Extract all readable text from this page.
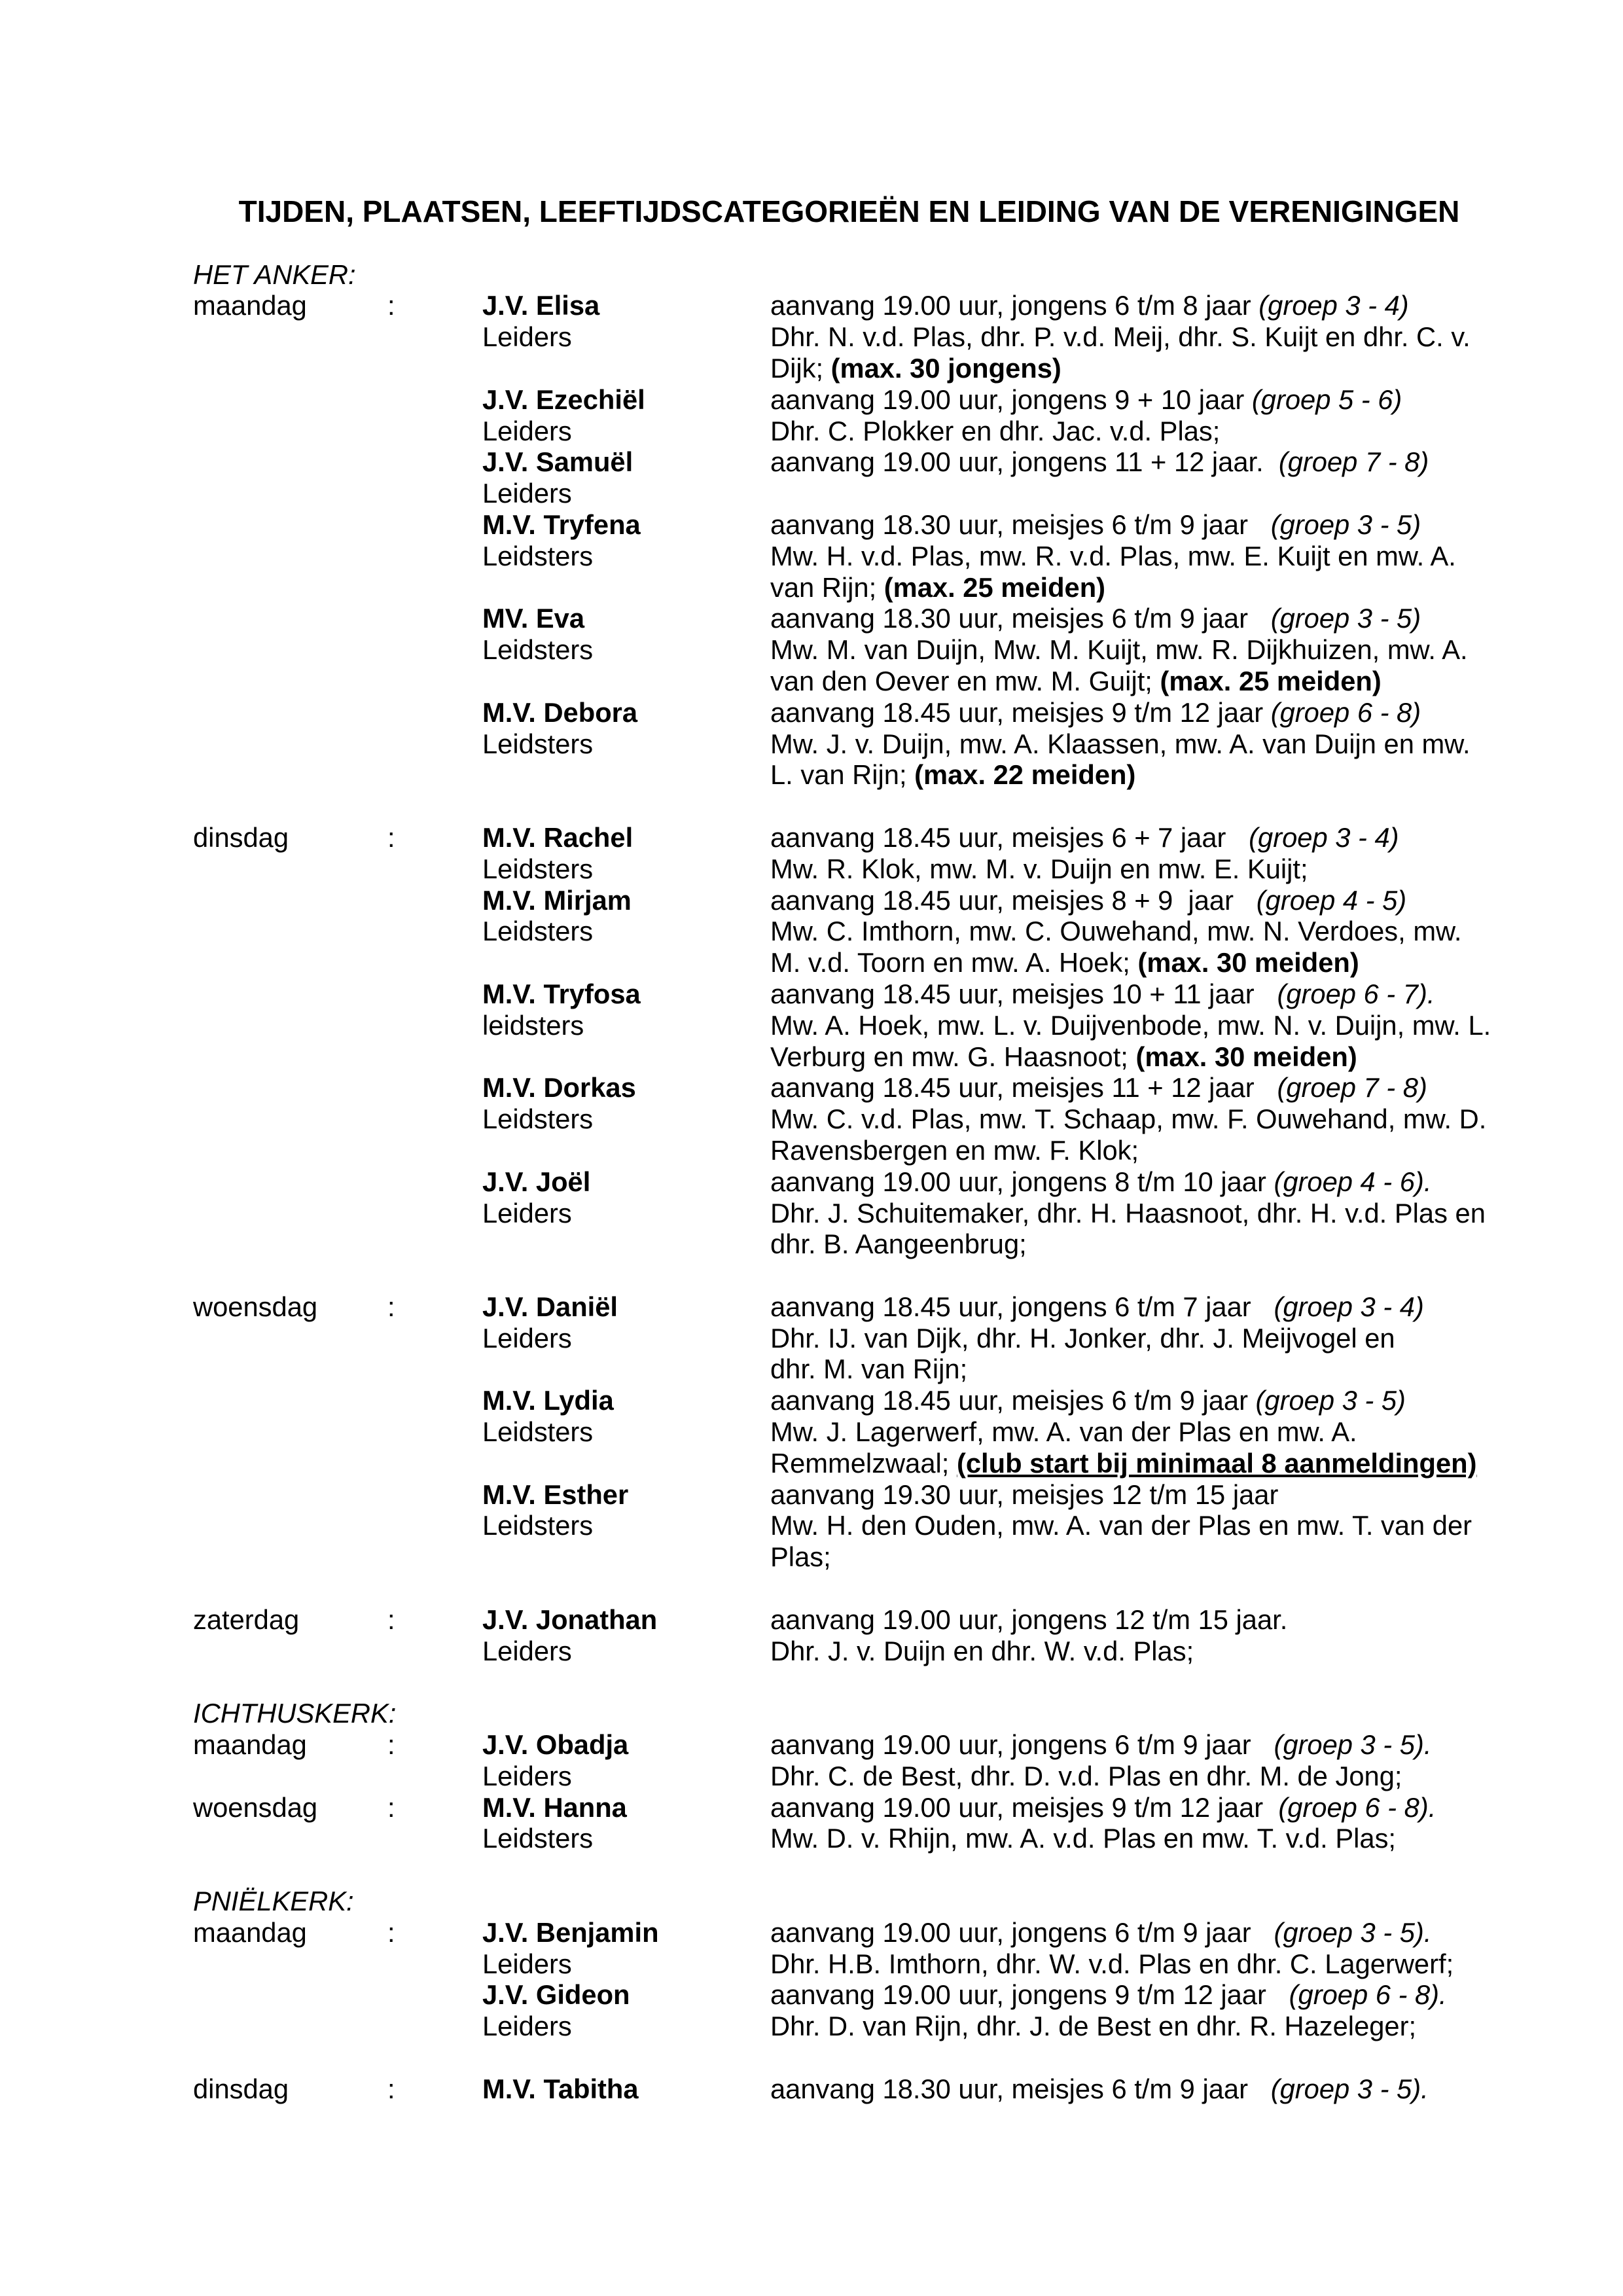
TIJDEN, PLAATSEN, LEEFTIJDSCATEGORIEËN EN LEIDING VAN DE VERENIGINGEN
HET ANKER:
maandag	:	J.V. Elisa	aanvang 19.00 uur, jongens 6 t/m 8 jaar (groep 3 - 4)
Leiders	Dhr. N. v.d. Plas, dhr. P. v.d. Meij, dhr. S. Kuijt en dhr. C. v.
Dijk; (max. 30 jongens)
J.V. Ezechiël	aanvang 19.00 uur, jongens 9 + 10 jaar (groep 5 - 6)
Leiders	Dhr. C. Plokker en dhr. Jac. v.d. Plas;
J.V. Samuël	aanvang 19.00 uur, jongens 11 + 12 jaar.  (groep 7 - 8)
Leiders
M.V. Tryfena	aanvang 18.30 uur, meisjes 6 t/m 9 jaar   (groep 3 - 5)
Leidsters	Mw. H. v.d. Plas, mw. R. v.d. Plas, mw. E. Kuijt en mw. A.
van Rijn; (max. 25 meiden)
MV. Eva	aanvang 18.30 uur, meisjes 6 t/m 9 jaar   (groep 3 - 5)
Leidsters	Mw. M. van Duijn, Mw. M. Kuijt, mw. R. Dijkhuizen, mw. A.
van den Oever en mw. M. Guijt; (max. 25 meiden)
M.V. Debora	aanvang 18.45 uur, meisjes 9 t/m 12 jaar (groep 6 - 8)
Leidsters	Mw. J. v. Duijn, mw. A. Klaassen, mw. A. van Duijn en mw.
L. van Rijn; (max. 22 meiden)
dinsdag	:	M.V. Rachel	aanvang 18.45 uur, meisjes 6 + 7 jaar   (groep 3 - 4)
Leidsters	Mw. R. Klok, mw. M. v. Duijn en mw. E. Kuijt;
M.V. Mirjam	aanvang 18.45 uur, meisjes 8 + 9  jaar   (groep 4 - 5)
Leidsters	Mw. C. Imthorn, mw. C. Ouwehand, mw. N. Verdoes, mw.
M. v.d. Toorn en mw. A. Hoek; (max. 30 meiden)
M.V. Tryfosa	aanvang 18.45 uur, meisjes 10 + 11 jaar   (groep 6 - 7).
leidsters	Mw. A. Hoek, mw. L. v. Duijvenbode, mw. N. v. Duijn, mw. L.
Verburg en mw. G. Haasnoot; (max. 30 meiden)
M.V. Dorkas	aanvang 18.45 uur, meisjes 11 + 12 jaar   (groep 7 - 8)
Leidsters	Mw. C. v.d. Plas, mw. T. Schaap, mw. F. Ouwehand, mw. D.
Ravensbergen en mw. F. Klok;
J.V. Joël	aanvang 19.00 uur, jongens 8 t/m 10 jaar (groep 4 - 6).
Leiders	Dhr. J. Schuitemaker, dhr. H. Haasnoot, dhr. H. v.d. Plas en
dhr. B. Aangeenbrug;
woensdag	:	J.V. Daniël	aanvang 18.45 uur, jongens 6 t/m 7 jaar   (groep 3 - 4)
Leiders	Dhr. IJ. van Dijk, dhr. H. Jonker, dhr. J. Meijvogel en
dhr. M. van Rijn;
M.V. Lydia	aanvang 18.45 uur, meisjes 6 t/m 9 jaar (groep 3 - 5)
Leidsters	Mw. J. Lagerwerf, mw. A. van der Plas en mw. A.
Remmelzwaal; (club start bij minimaal 8 aanmeldingen)
M.V. Esther	aanvang 19.30 uur, meisjes 12 t/m 15 jaar
Leidsters	Mw. H. den Ouden, mw. A. van der Plas en mw. T. van der
Plas;
zaterdag	:	J.V. Jonathan	aanvang 19.00 uur, jongens 12 t/m 15 jaar.
Leiders	Dhr. J. v. Duijn en dhr. W. v.d. Plas;
ICHTHUSKERK:
maandag	:	J.V. Obadja	aanvang 19.00 uur, jongens 6 t/m 9 jaar   (groep 3 - 5).
Leiders	Dhr. C. de Best, dhr. D. v.d. Plas en dhr. M. de Jong;
woensdag	:	M.V. Hanna	aanvang 19.00 uur, meisjes 9 t/m 12 jaar  (groep 6 - 8).
Leidsters	Mw. D. v. Rhijn, mw. A. v.d. Plas en mw. T. v.d. Plas;
PNIËLKERK:
maandag	:	J.V. Benjamin	aanvang 19.00 uur, jongens 6 t/m 9 jaar   (groep 3 - 5).
Leiders	Dhr. H.B. Imthorn, dhr. W. v.d. Plas en dhr. C. Lagerwerf;
J.V. Gideon	aanvang 19.00 uur, jongens 9 t/m 12 jaar   (groep 6 - 8).
Leiders	Dhr. D. van Rijn, dhr. J. de Best en dhr. R. Hazeleger;
dinsdag	:	M.V. Tabitha	aanvang 18.30 uur, meisjes 6 t/m 9 jaar   (groep 3 - 5).
